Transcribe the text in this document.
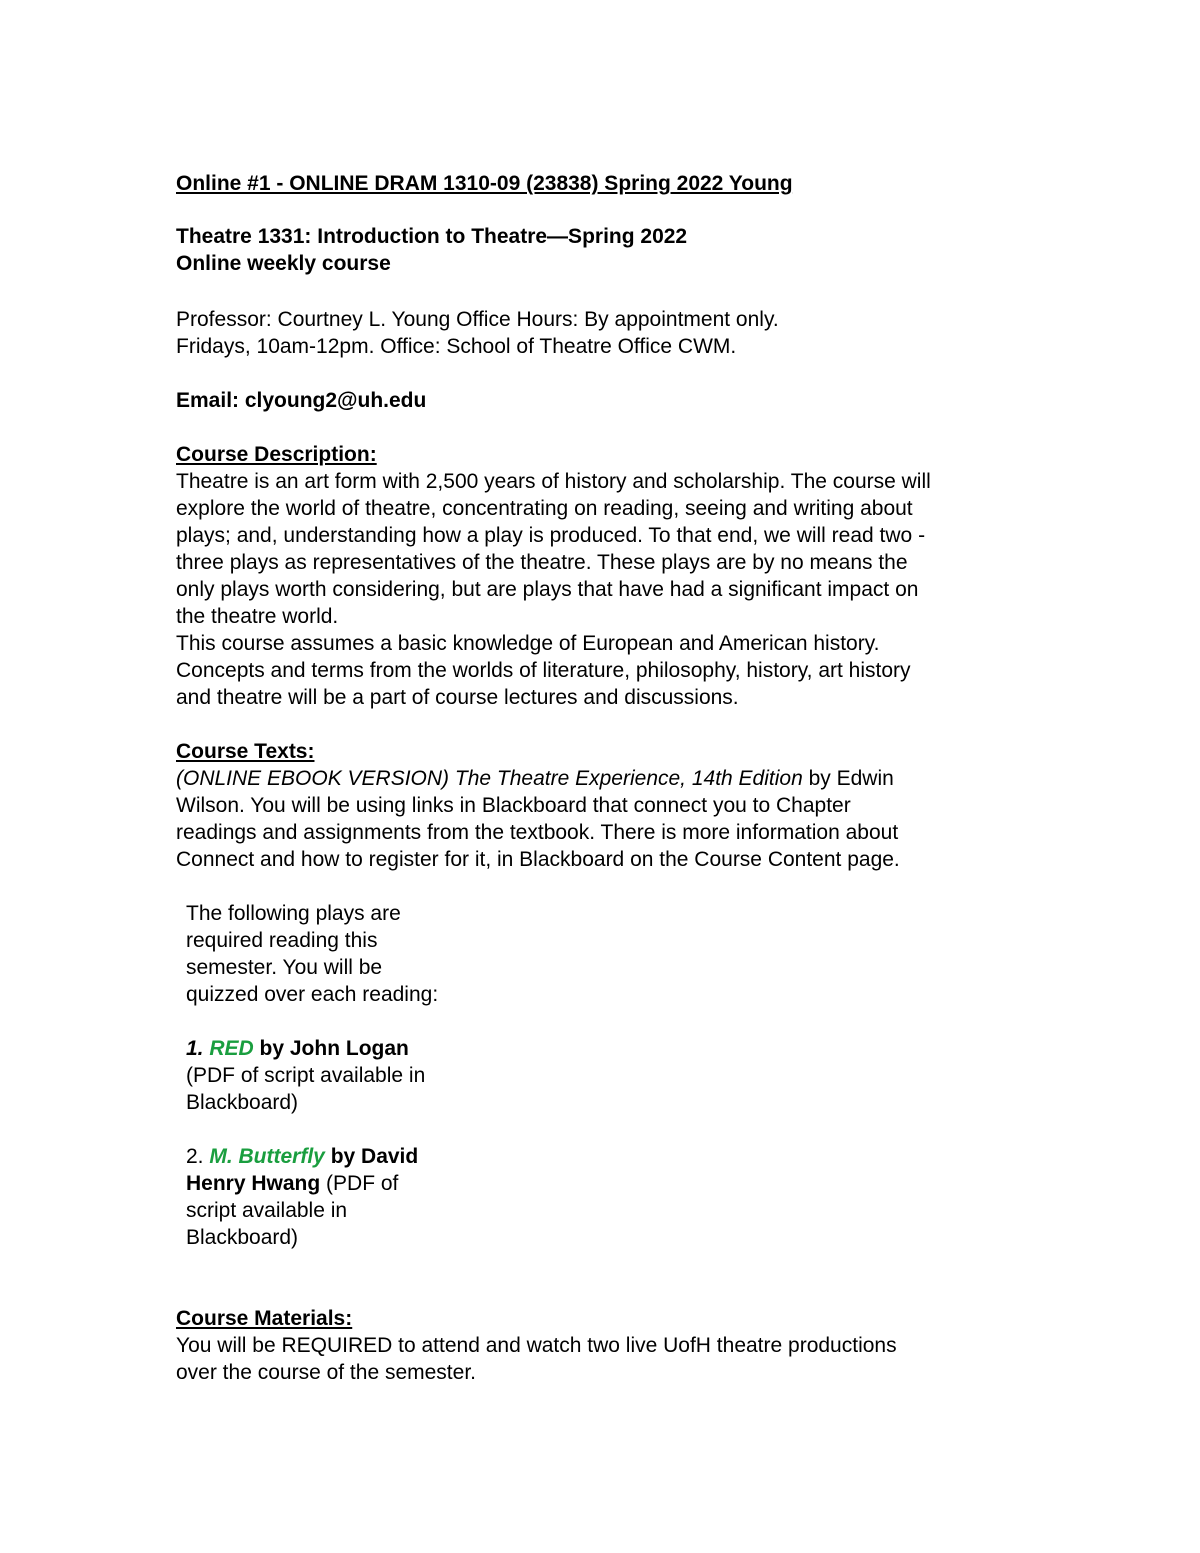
Online #1 - ONLINE DRAM 1310-09 (23838) Spring 2022 Young

Theatre 1331: Introduction to Theatre—Spring 2022

Online weekly course

Professor: Courtney L. Young Office Hours: By appointment only.

Fridays, 10am-12pm. Office: School of Theatre Office CWM.

Email: clyoung2@uh.edu

Course Description:

Theatre is an art form with 2,500 years of history and scholarship. The course will

explore the world of theatre, concentrating on reading, seeing and writing about

plays; and, understanding how a play is produced. To that end, we will read two -

three plays as representatives of the theatre. These plays are by no means the

only plays worth considering, but are plays that have had a significant impact on

the theatre world.

This course assumes a basic knowledge of European and American history.

Concepts and terms from the worlds of literature, philosophy, history, art history

and theatre will be a part of course lectures and discussions.

Course Texts:

(ONLINE EBOOK VERSION) The Theatre Experience, 14th Edition by Edwin

Wilson. You will be using links in Blackboard that connect you to Chapter

readings and assignments from the textbook. There is more information about

Connect and how to register for it, in Blackboard on the Course Content page.

The following plays are

required reading this

semester. You will be

quizzed over each reading:

1. RED by John Logan

(PDF of script available in

Blackboard)

2. M. Butterfly by David

Henry Hwang (PDF of

script available in

Blackboard)

Course Materials:

You will be REQUIRED to attend and watch two live UofH theatre productions

over the course of the semester.
